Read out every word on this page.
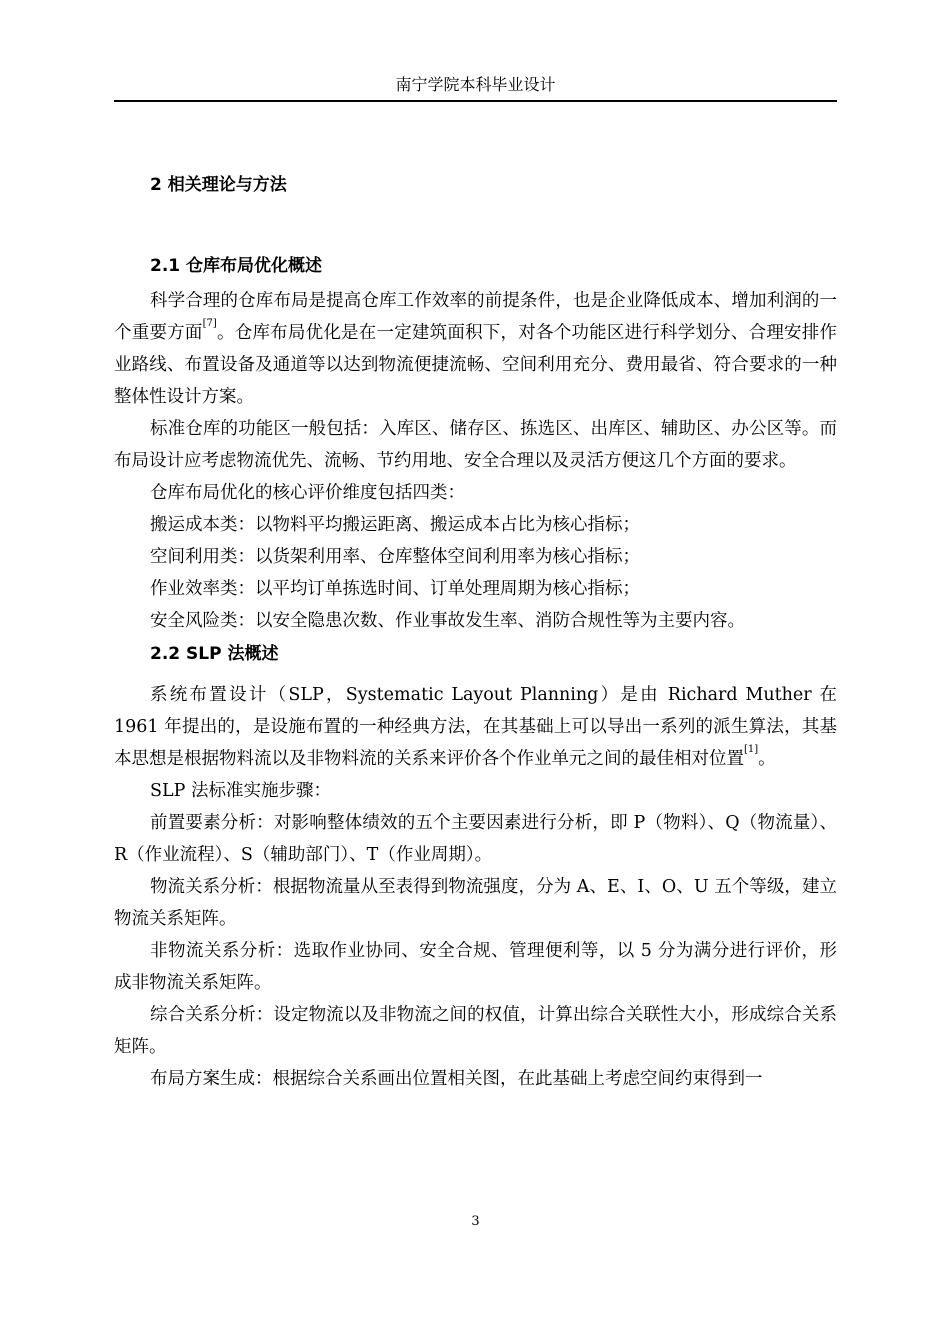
南宁学院本科毕业设计
2 相关理论与方法
2.1 仓库布局优化概述

科学合理的仓库布局是提高仓库工作效率的前提条件，也是企业降低成本、增加利润的一个重要方面[7]。仓库布局优化是在一定建筑面积下，对各个功能区进行科学划分、合理安排作业路线、布置设备及通道等以达到物流便捷流畅、空间利用充分、费用最省、符合要求的一种整体性设计方案。

标准仓库的功能区一般包括：入库区、储存区、拣选区、出库区、辅助区、办公区等。而布局设计应考虑物流优先、流畅、节约用地、安全合理以及灵活方便这几个方面的要求。

仓库布局优化的核心评价维度包括四类：

搬运成本类：以物料平均搬运距离、搬运成本占比为核心指标；

空间利用类：以货架利用率、仓库整体空间利用率为核心指标；

作业效率类：以平均订单拣选时间、订单处理周期为核心指标；

安全风险类：以安全隐患次数、作业事故发生率、消防合规性等为主要内容。

2.2 SLP 法概述

系统布置设计（SLP，Systematic Layout Planning）是由 Richard Muther 在 1961 年提出的，是设施布置的一种经典方法，在其基础上可以导出一系列的派生算法，其基本思想是根据物料流以及非物料流的关系来评价各个作业单元之间的最佳相对位置[1]。

SLP 法标准实施步骤：

前置要素分析：对影响整体绩效的五个主要因素进行分析，即 P（物料）、Q（物流量）、R（作业流程）、S（辅助部门）、T（作业周期）。

物流关系分析：根据物流量从至表得到物流强度，分为 A、E、I、O、U 五个等级，建立物流关系矩阵。

非物流关系分析：选取作业协同、安全合规、管理便利等，以 5 分为满分进行评价，形成非物流关系矩阵。

综合关系分析：设定物流以及非物流之间的权值，计算出综合关联性大小，形成综合关系矩阵。

布局方案生成：根据综合关系画出位置相关图，在此基础上考虑空间约束得到一

3
